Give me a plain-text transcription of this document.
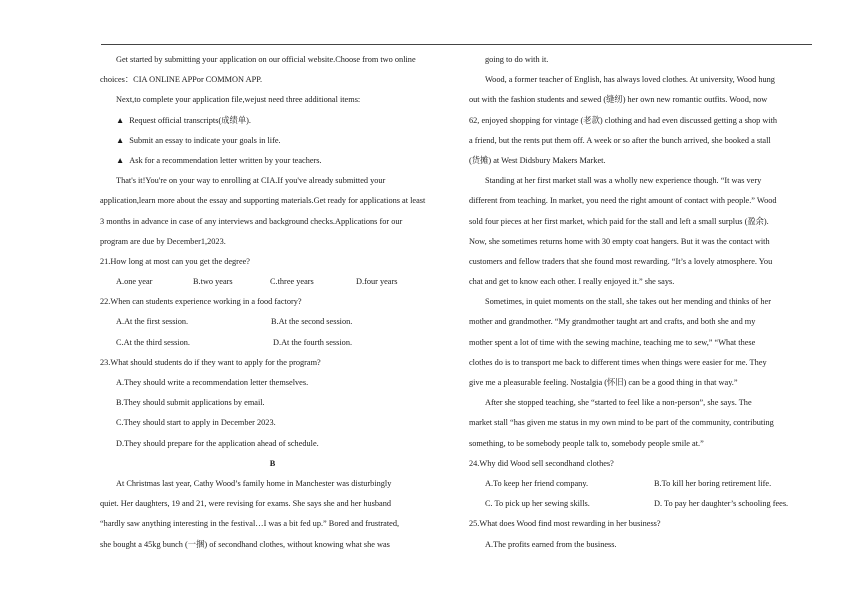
Get started by submitting your application on our official website.Choose from two online
choices：CIA ONLINE APPor COMMON APP.
Next,to complete your application file,wejust need three additional items:
▲ Request official transcripts(成绩单).
▲ Submit an essay to indicate your goals in life.
▲ Ask for a recommendation letter written by your teachers.
That's it!You're on your way to enrolling at CIA.If you've already submitted your
application,learn more about the essay and supporting materials.Get ready for applications at least
3 months in advance in case of any interviews and background checks.Applications for our
program are due by December1,2023.
21.How long at most can you get the degree?
A.one year	B.two years	C.three years	D.four years
22.When can students experience working in a food factory?
A.At the first session.	B.At the second session.
C.At the third session.	D.At the fourth session.
23.What should students do if they want to apply for the program?
A.They should write a recommendation letter themselves.
B.They should submit applications by email.
C.They should start to apply in December 2023.
D.They should prepare for the application ahead of schedule.
B
At Christmas last year, Cathy Wood’s family home in Manchester was disturbingly
quiet. Her daughters, 19 and 21, were revising for exams. She says she and her husband
“hardly saw anything interesting in the festival…I was a bit fed up.” Bored and frustrated,
she bought a 45kg bunch (一捆) of secondhand clothes, without knowing what she was
going to do with it.
Wood, a former teacher of English, has always loved clothes. At university, Wood hung
out with the fashion students and sewed (缝纫) her own new romantic outfits. Wood, now
62, enjoyed shopping for vintage (老款) clothing and had even discussed getting a shop with
a friend, but the rents put them off. A week or so after the bunch arrived, she booked a stall
(货摊) at West Didsbury Makers Market.
Standing at her first market stall was a wholly new experience though. “It was very
different from teaching. In market, you need the right amount of contact with people.” Wood
sold four pieces at her first market, which paid for the stall and left a small surplus (盈余).
Now, she sometimes returns home with 30 empty coat hangers. But it was the contact with
customers and fellow traders that she found most rewarding. “It’s a lovely atmosphere. You
chat and get to know each other. I really enjoyed it.” she says.
Sometimes, in quiet moments on the stall, she takes out her mending and thinks of her
mother and grandmother. “My grandmother taught art and crafts, and both she and my
mother spent a lot of time with the sewing machine, teaching me to sew,” “What these
clothes do is to transport me back to different times when things were easier for me. They
give me a pleasurable feeling. Nostalgia (怀旧) can be a good thing in that way.”
After she stopped teaching, she “started to feel like a non-person”, she says. The
market stall “has given me status in my own mind to be part of the community, contributing
something, to be somebody people talk to, somebody people smile at.”
24.Why did Wood sell secondhand clothes?
A.To keep her friend company.	B.To kill her boring retirement life.
C. To pick up her sewing skills.	D. To pay her daughter’s schooling fees.
25.What does Wood find most rewarding in her business?
A.The profits earned from the business.
